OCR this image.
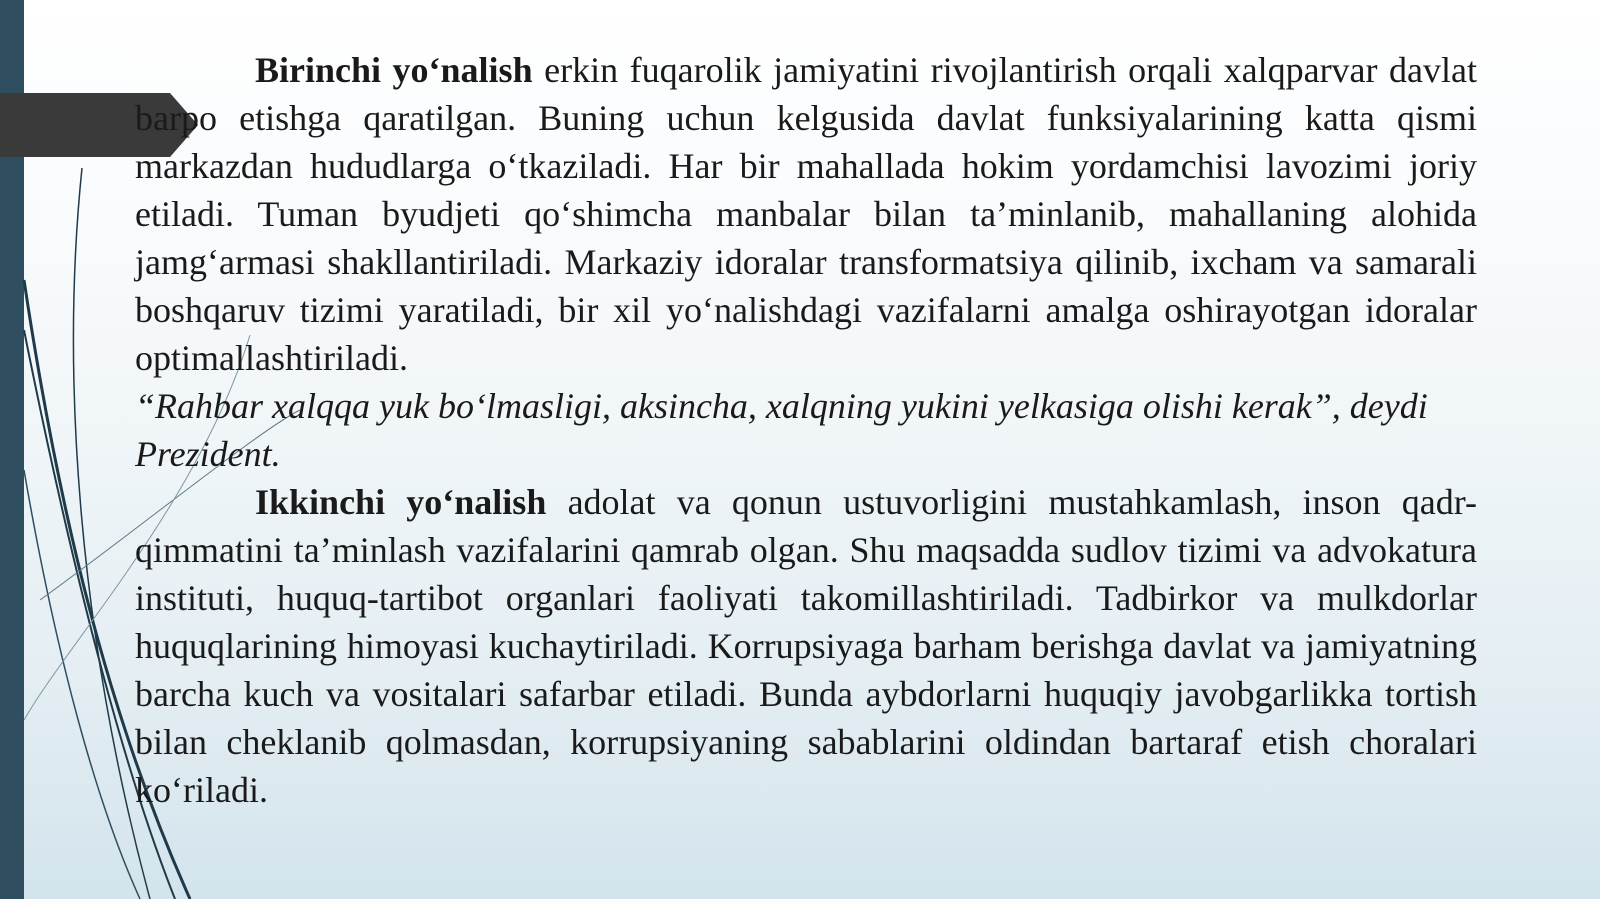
Birinchi yo‘nalish erkin fuqarolik jamiyatini rivojlantirish orqali xalqparvar davlat barpo etishga qaratilgan. Buning uchun kelgusida davlat funksiyalarining katta qismi markazdan hududlarga o‘tkaziladi. Har bir mahallada hokim yordamchisi lavozimi joriy etiladi. Tuman byudjeti qo‘shimcha manbalar bilan ta’minlanib, mahallaning alohida jamg‘armasi shakllantiriladi. Markaziy idoralar transformatsiya qilinib, ixcham va samarali boshqaruv tizimi yaratiladi, bir xil yo‘nalishdagi vazifalarni amalga oshirayotgan idoralar optimallashtiriladi.

“Rahbar xalqqa yuk bo‘lmasligi, aksincha, xalqning yukini yelkasiga olishi kerak”, deydi Prezident.

Ikkinchi yo‘nalish adolat va qonun ustuvorligini mustahkamlash, inson qadr-qimmatini ta’minlash vazifalarini qamrab olgan. Shu maqsadda sudlov tizimi va advokatura instituti, huquq-tartibot organlari faoliyati takomillashtiriladi. Tadbirkor va mulkdorlar huquqlarining himoyasi kuchaytiriladi. Korrupsiyaga barham berishga davlat va jamiyatning barcha kuch va vositalari safarbar etiladi. Bunda aybdorlarni huquqiy javobgarlikka tortish bilan cheklanib qolmasdan, korrupsiyaning sabablarini oldindan bartaraf etish choralari ko‘riladi.
